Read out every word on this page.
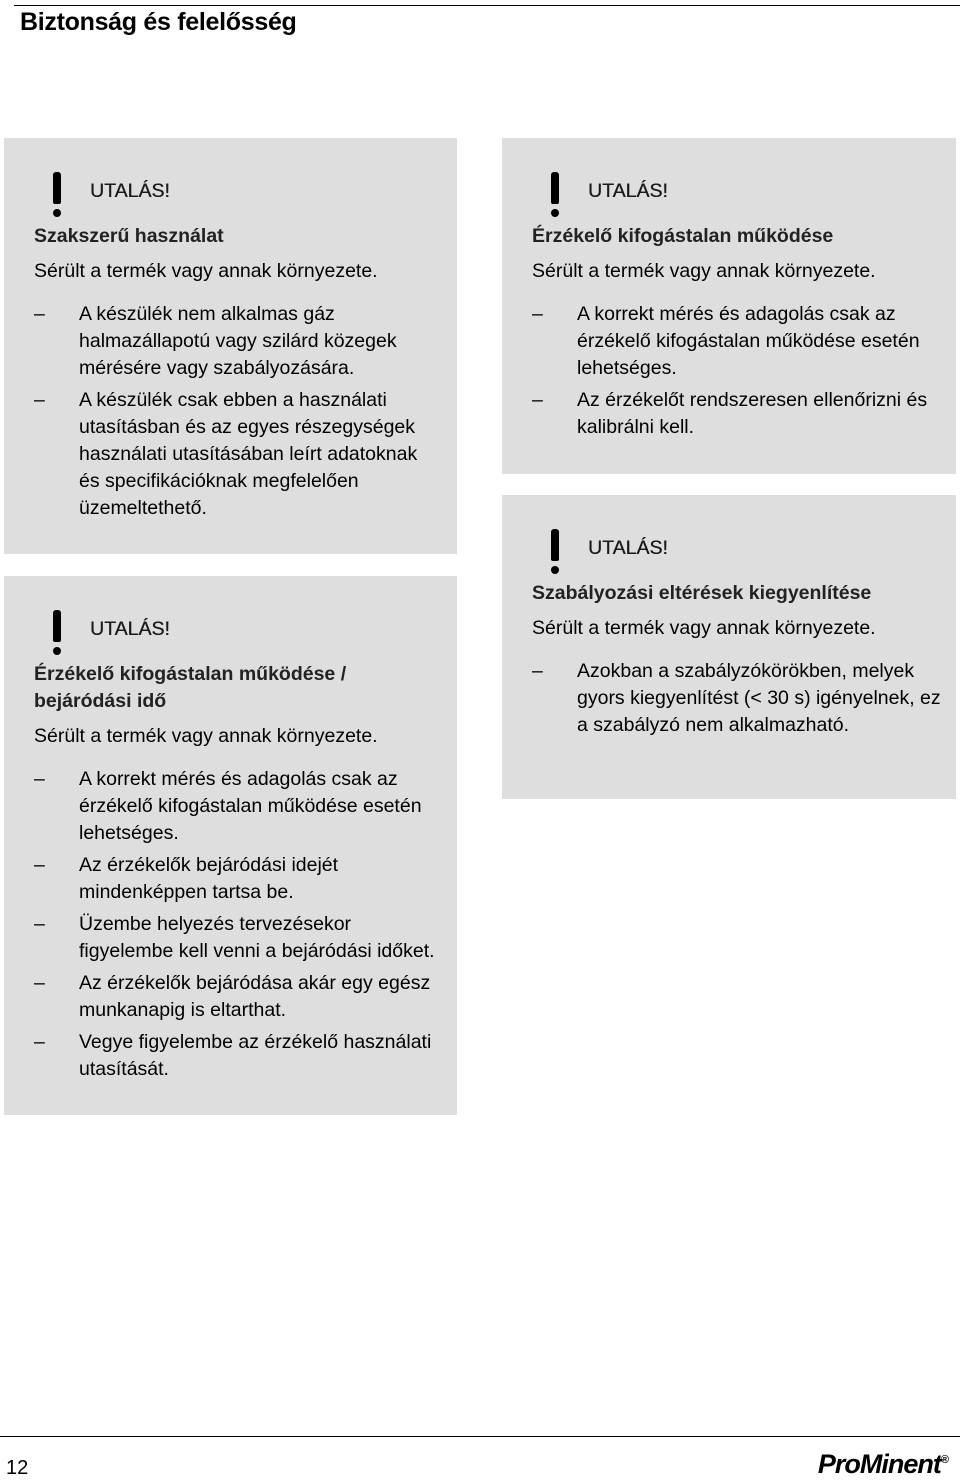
Biztonság és felelősség
UTALÁS!
Szakszerű használat
Sérült a termék vagy annak környezete.
–	A készülék nem alkalmas gáz halmazállapotú vagy szilárd közegek mérésére vagy szabályozására.
–	A készülék csak ebben a használati utasításban és az egyes részegységek használati utasításában leírt adatoknak és specifikációknak megfelelően üzemeltethető.
UTALÁS!
Érzékelő kifogástalan működése / bejáródási idő
Sérült a termék vagy annak környezete.
–	A korrekt mérés és adagolás csak az érzékelő kifogástalan működése esetén lehetséges.
–	Az érzékelők bejáródási idejét mindenképpen tartsa be.
–	Üzembe helyezés tervezésekor figyelembe kell venni a bejáródási időket.
–	Az érzékelők bejáródása akár egy egész munkanapig is eltarthat.
–	Vegye figyelembe az érzékelő használati utasítását.
UTALÁS!
Érzékelő kifogástalan működése
Sérült a termék vagy annak környezete.
–	A korrekt mérés és adagolás csak az érzékelő kifogástalan működése esetén lehetséges.
–	Az érzékelőt rendszeresen ellenőrizni és kalibrálni kell.
UTALÁS!
Szabályozási eltérések kiegyenlítése
Sérült a termék vagy annak környezete.
–	Azokban a szabályzókörökben, melyek gyors kiegyenlítést (< 30 s) igényelnek, ez a szabályzó nem alkalmazható.
12	ProMinent®
